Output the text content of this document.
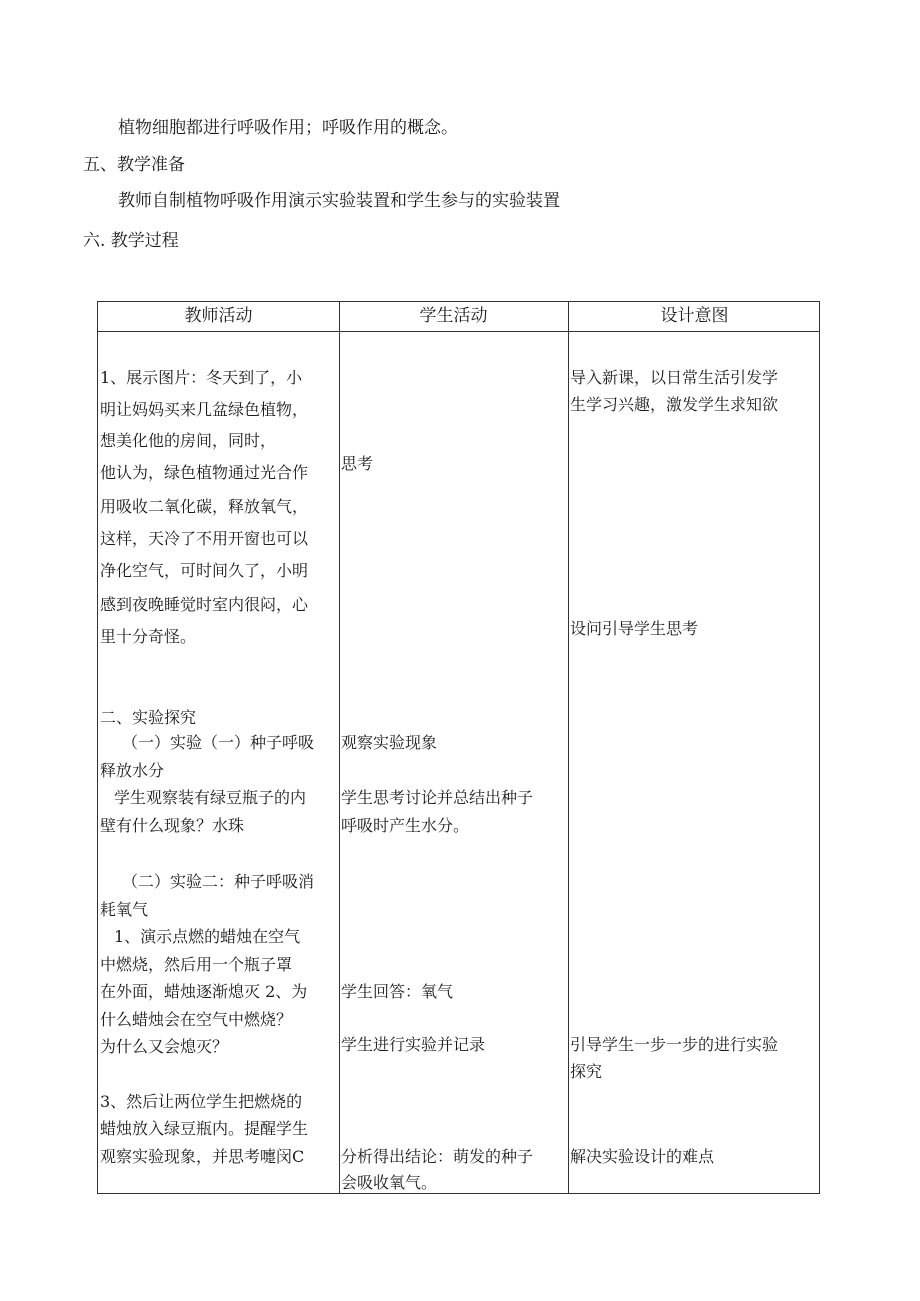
植物细胞都进行呼吸作用；呼吸作用的概念。
五、教学准备
教师自制植物呼吸作用演示实验装置和学生参与的实验装置
六. 教学过程
教师活动	学生活动	设计意图
1、展示图片：冬天到了，小
明让妈妈买来几盆绿色植物，
想美化他的房间，同时，
他认为，绿色植物通过光合作
用吸收二氧化碳，释放氧气，
这样，天冷了不用开窗也可以
净化空气，可时间久了，小明
感到夜晚睡觉时室内很闷，心
里十分奇怪。
二、实验探究
（一）实验（一）种子呼吸
释放水分
学生观察装有绿豆瓶子的内
壁有什么现象？水珠
（二）实验二：种子呼吸消
耗氧气
1、演示点燃的蜡烛在空气
中燃烧，然后用一个瓶子罩
在外面，蜡烛逐渐熄灭 2、为
什么蜡烛会在空气中燃烧？
为什么又会熄灭？
3、然后让两位学生把燃烧的
蜡烛放入绿豆瓶内。提醒学生
观察实验现象，并思考嚏闵C
思考
观察实验现象
学生思考讨论并总结出种子
呼吸时产生水分。
学生回答：氧气
学生进行实验并记录
分析得出结论：萌发的种子
会吸收氧气。
导入新课，以日常生活引发学
生学习兴趣，激发学生求知欲
设问引导学生思考
引导学生一步一步的进行实验
探究
解决实验设计的难点
